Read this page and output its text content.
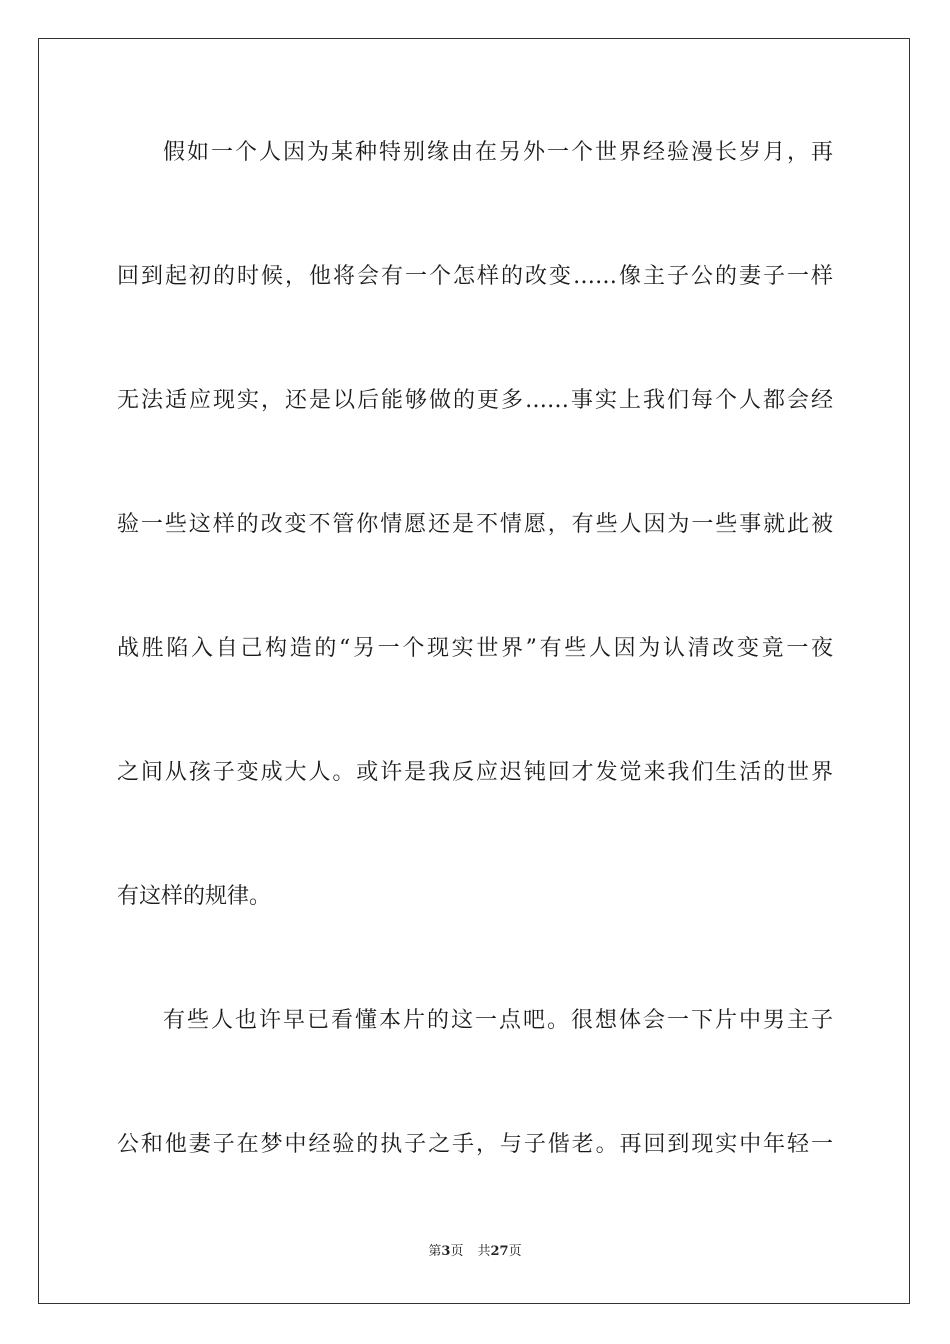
假如一个人因为某种特别缘由在另外一个世界经验漫长岁月，再
回到起初的时候，他将会有一个怎样的改变……像主子公的妻子一样
无法适应现实，还是以后能够做的更多……事实上我们每个人都会经
验一些这样的改变不管你情愿还是不情愿，有些人因为一些事就此被
战胜陷入自己构造的“另一个现实世界”有些人因为认清改变竟一夜
之间从孩子变成大人。或许是我反应迟钝回才发觉来我们生活的世界
有这样的规律。
有些人也许早已看懂本片的这一点吧。很想体会一下片中男主子
公和他妻子在梦中经验的执子之手，与子偕老。再回到现实中年轻一
第3页 共27页
